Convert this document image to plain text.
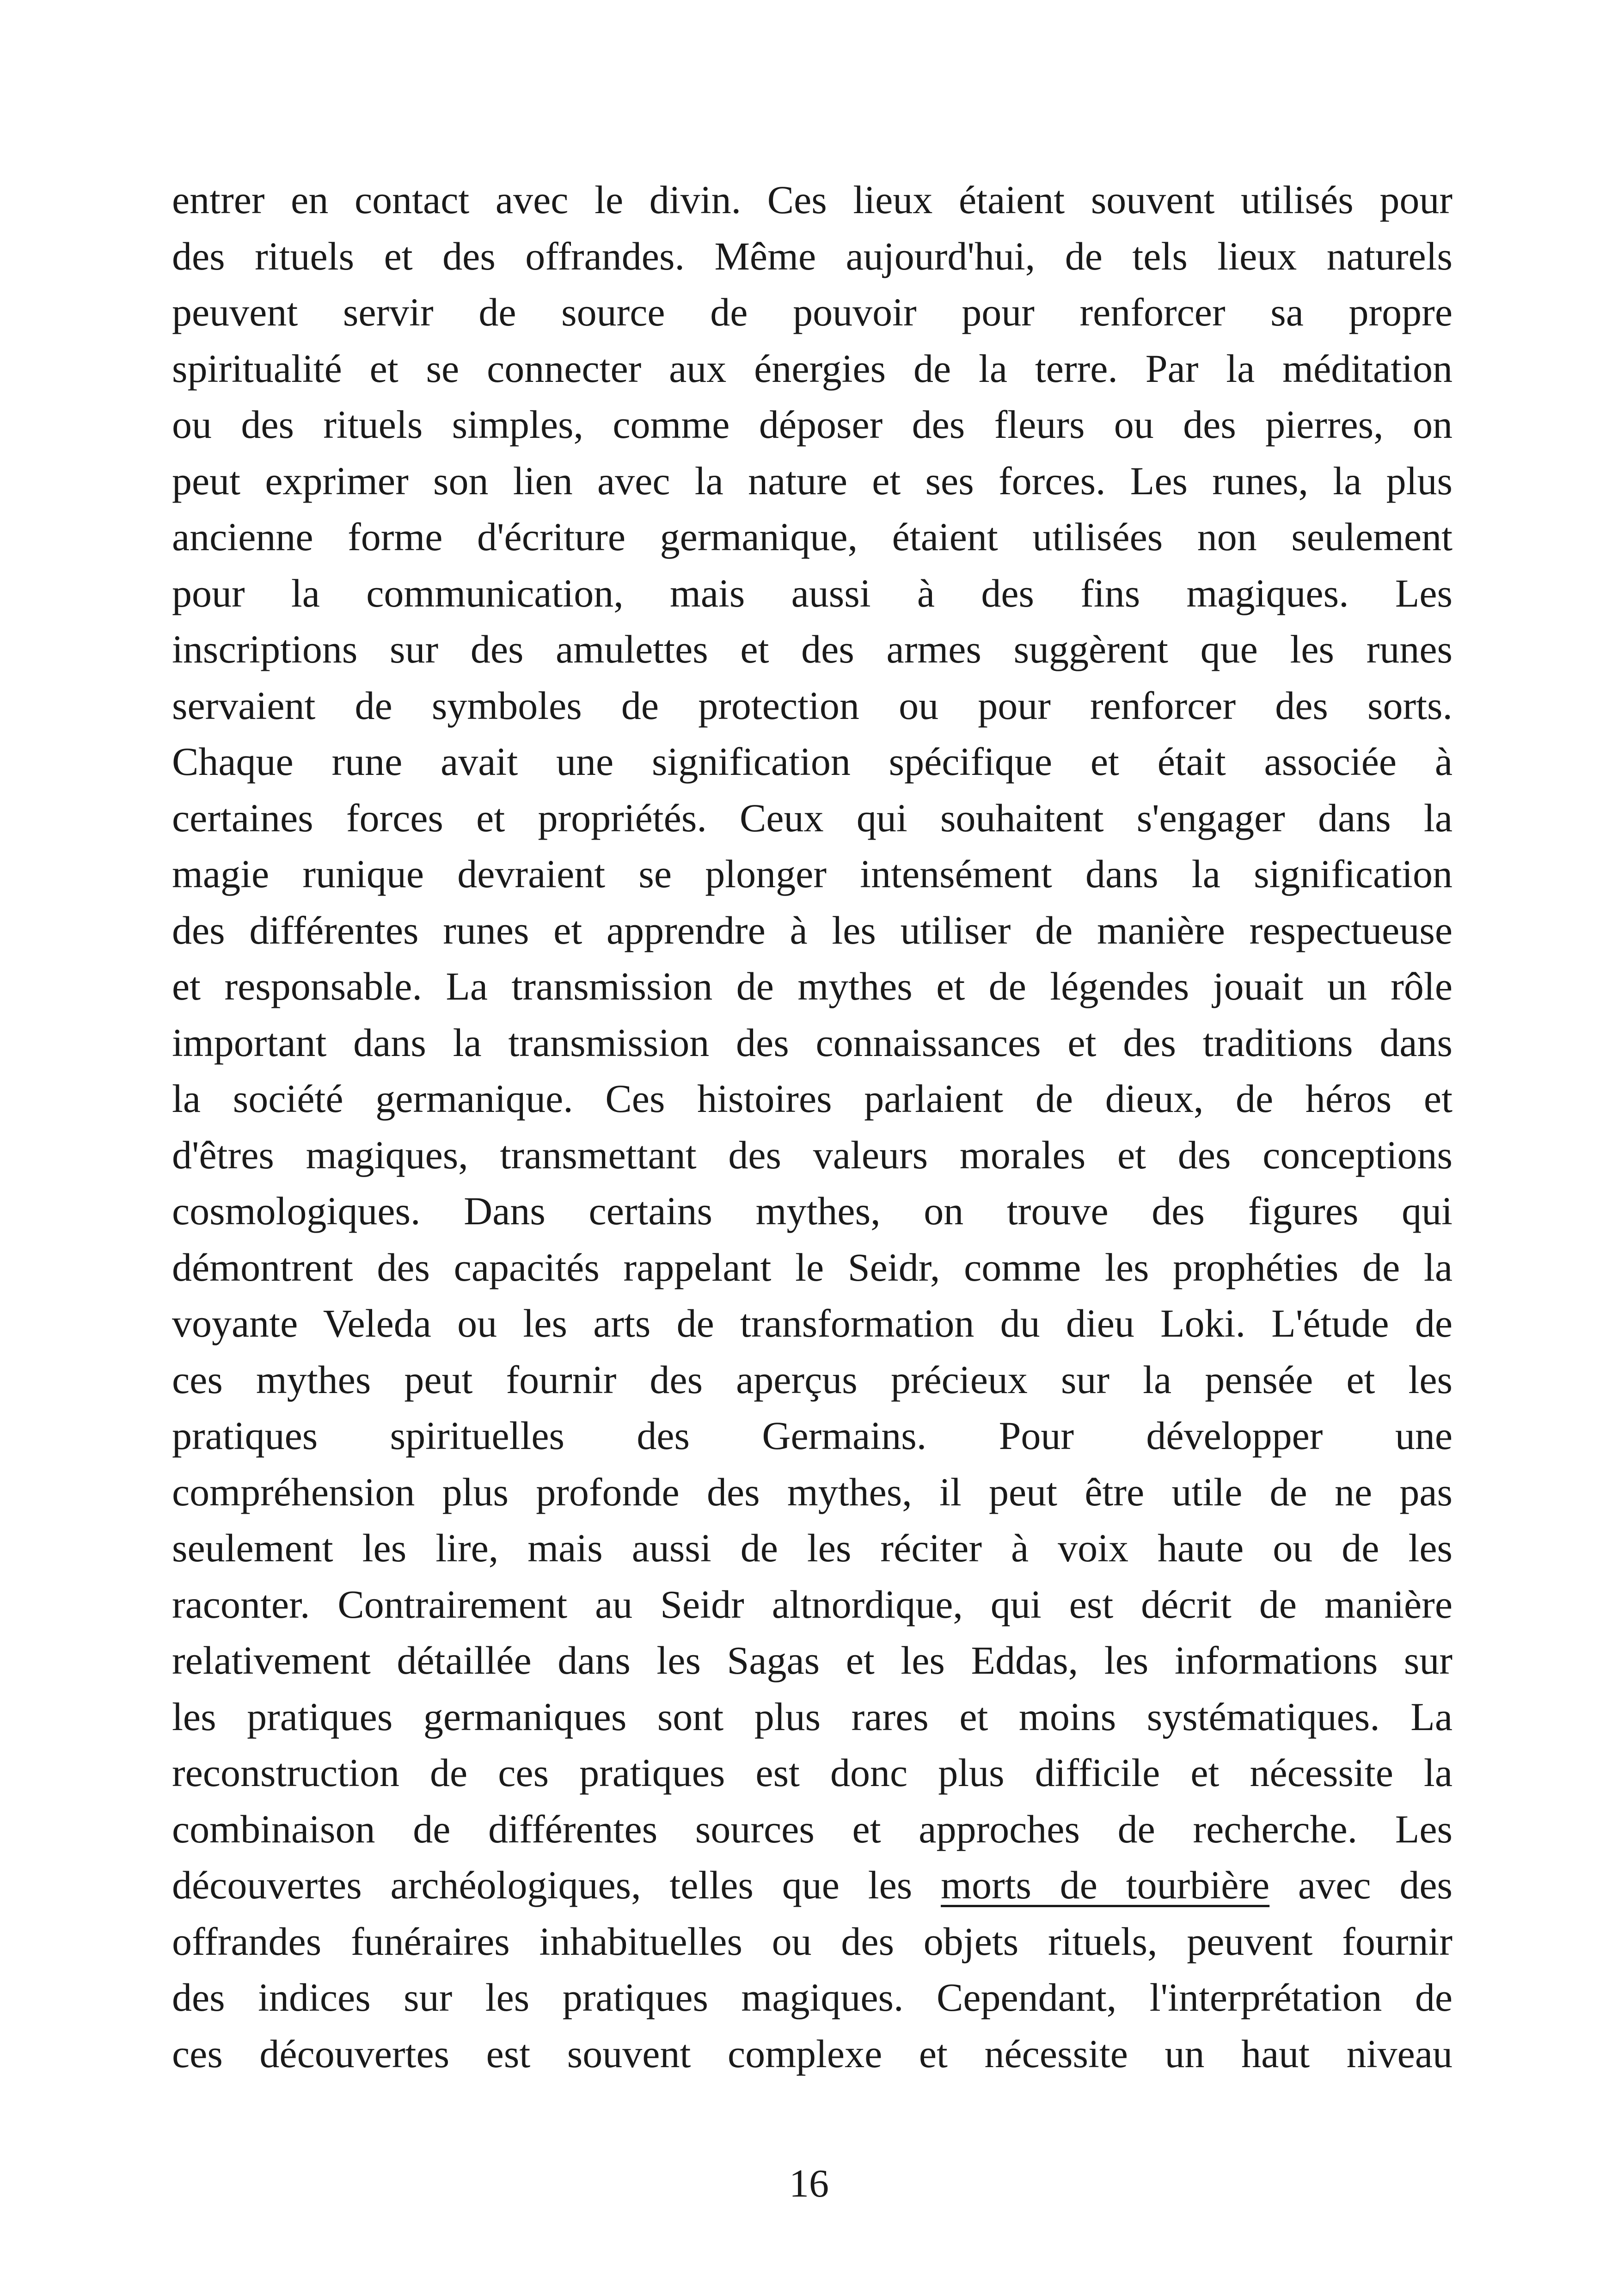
entrer en contact avec le divin. Ces lieux étaient souvent utilisés pour
des rituels et des offrandes. Même aujourd'hui, de tels lieux naturels
peuvent servir de source de pouvoir pour renforcer sa propre
spiritualité et se connecter aux énergies de la terre. Par la méditation
ou des rituels simples, comme déposer des fleurs ou des pierres, on
peut exprimer son lien avec la nature et ses forces. Les runes, la plus
ancienne forme d'écriture germanique, étaient utilisées non seulement
pour la communication, mais aussi à des fins magiques. Les
inscriptions sur des amulettes et des armes suggèrent que les runes
servaient de symboles de protection ou pour renforcer des sorts.
Chaque rune avait une signification spécifique et était associée à
certaines forces et propriétés. Ceux qui souhaitent s'engager dans la
magie runique devraient se plonger intensément dans la signification
des différentes runes et apprendre à les utiliser de manière respectueuse
et responsable. La transmission de mythes et de légendes jouait un rôle
important dans la transmission des connaissances et des traditions dans
la société germanique. Ces histoires parlaient de dieux, de héros et
d'êtres magiques, transmettant des valeurs morales et des conceptions
cosmologiques. Dans certains mythes, on trouve des figures qui
démontrent des capacités rappelant le Seidr, comme les prophéties de la
voyante Veleda ou les arts de transformation du dieu Loki. L'étude de
ces mythes peut fournir des aperçus précieux sur la pensée et les
pratiques spirituelles des Germains. Pour développer une
compréhension plus profonde des mythes, il peut être utile de ne pas
seulement les lire, mais aussi de les réciter à voix haute ou de les
raconter. Contrairement au Seidr altnordique, qui est décrit de manière
relativement détaillée dans les Sagas et les Eddas, les informations sur
les pratiques germaniques sont plus rares et moins systématiques. La
reconstruction de ces pratiques est donc plus difficile et nécessite la
combinaison de différentes sources et approches de recherche. Les
découvertes archéologiques, telles que les morts de tourbière avec des
offrandes funéraires inhabituelles ou des objets rituels, peuvent fournir
des indices sur les pratiques magiques. Cependant, l'interprétation de
ces découvertes est souvent complexe et nécessite un haut niveau
16
